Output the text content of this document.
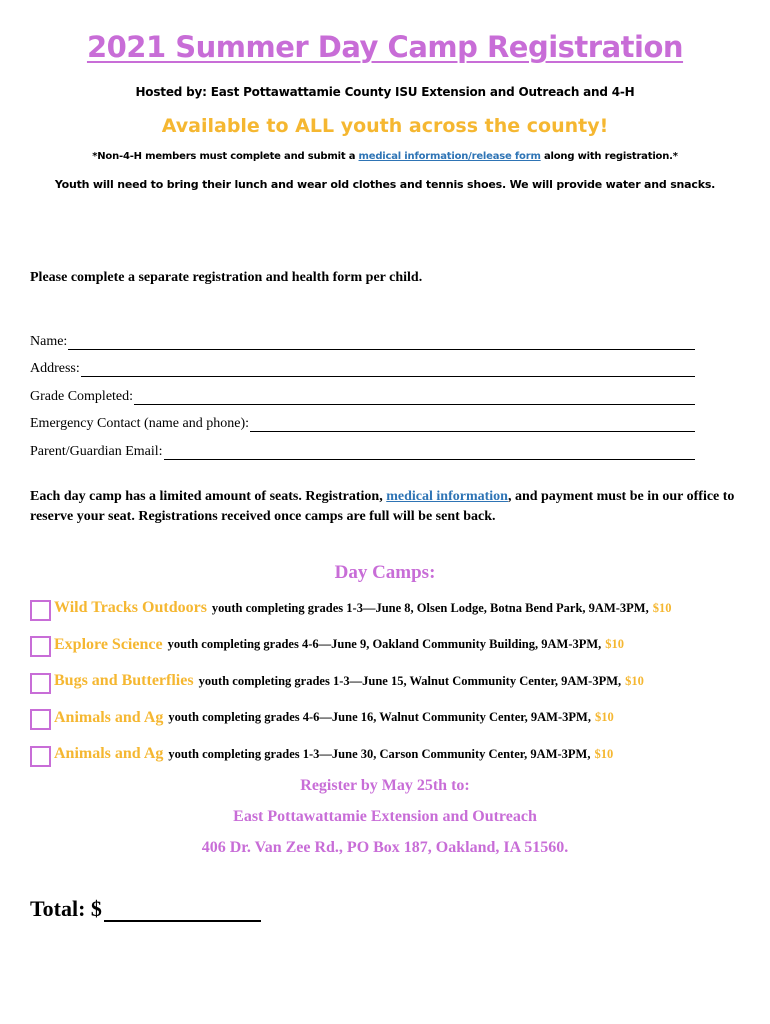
2021 Summer Day Camp Registration
Hosted by: East Pottawattamie County ISU Extension and Outreach and 4-H
Available to ALL youth across the county!
*Non-4-H members must complete and submit a medical information/release form along with registration.*
Youth will need to bring their lunch and wear old clothes and tennis shoes. We will provide water and snacks.
Please complete a separate registration and health form per child.
Name:
Address:
Grade Completed:
Emergency Contact (name and phone):
Parent/Guardian Email:
Each day camp has a limited amount of seats. Registration, medical information, and payment must be in our office to reserve your seat. Registrations received once camps are full will be sent back.
Day Camps:
Wild Tracks Outdoors youth completing grades 1-3—June 8, Olsen Lodge, Botna Bend Park, 9AM-3PM, $10
Explore Science youth completing grades 4-6—June 9, Oakland Community Building, 9AM-3PM, $10
Bugs and Butterflies youth completing grades 1-3—June 15, Walnut Community Center, 9AM-3PM, $10
Animals and Ag youth completing grades 4-6—June 16, Walnut Community Center, 9AM-3PM, $10
Animals and Ag youth completing grades 1-3—June 30, Carson Community Center, 9AM-3PM, $10
Register by May 25th to:
East Pottawattamie Extension and Outreach
406 Dr. Van Zee Rd., PO Box 187, Oakland, IA 51560.
Total: $
